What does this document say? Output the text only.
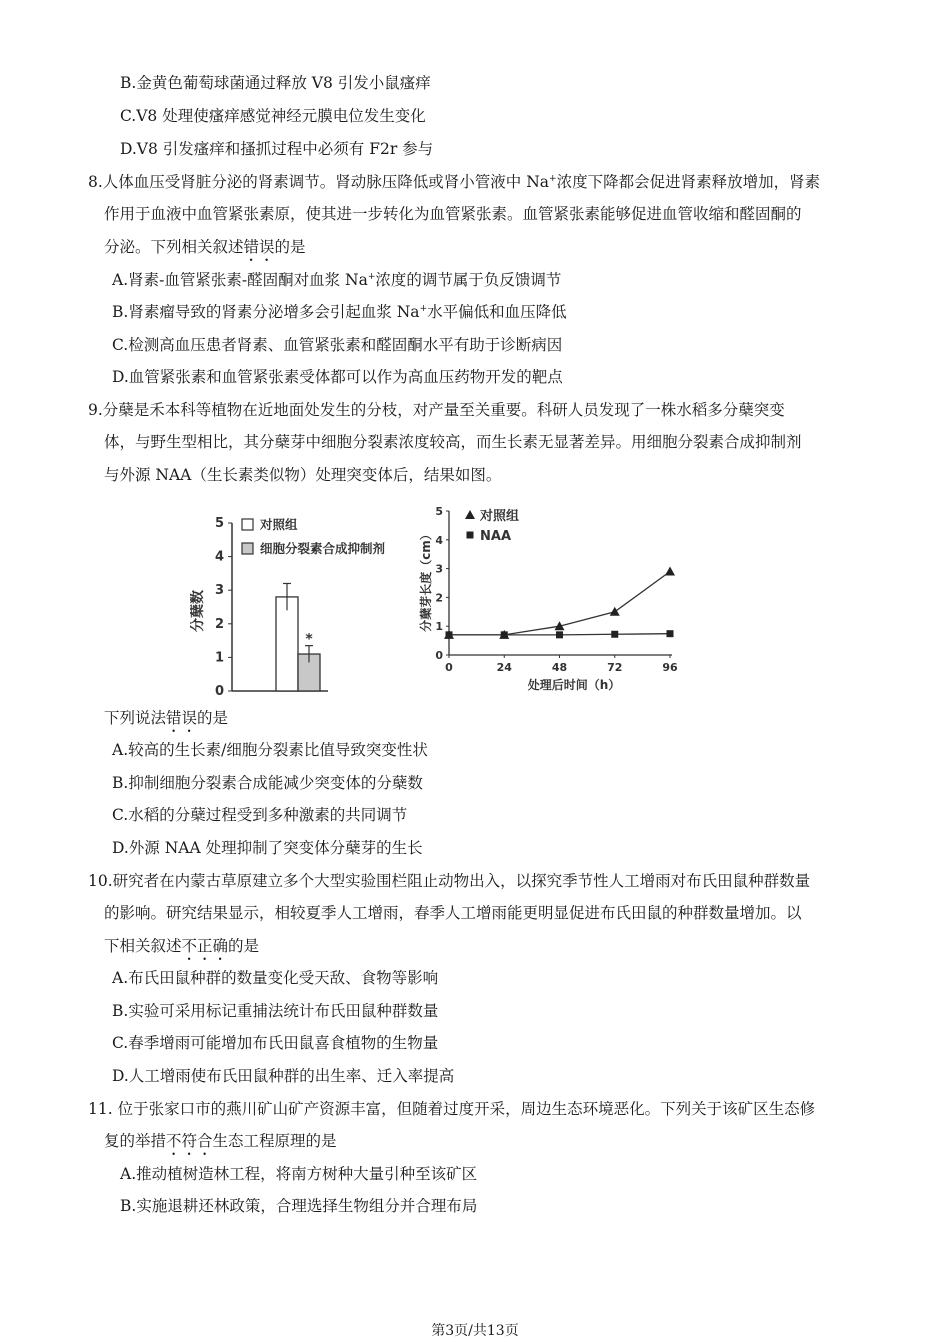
B.金黄色葡萄球菌通过释放 V8 引发小鼠瘙痒
C.V8 处理使瘙痒感觉神经元膜电位发生变化
D.V8 引发瘙痒和搔抓过程中必须有 F2r 参与
8.人体血压受肾脏分泌的肾素调节。肾动脉压降低或肾小管液中 Na+浓度下降都会促进肾素释放增加，肾素
作用于血液中血管紧张素原，使其进一步转化为血管紧张素。血管紧张素能够促进血管收缩和醛固酮的
分泌。下列相关叙述错误的是
A.肾素-血管紧张素-醛固酮对血浆 Na+浓度的调节属于负反馈调节
B.肾素瘤导致的肾素分泌增多会引起血浆 Na+水平偏低和血压降低
C.检测高血压患者肾素、血管紧张素和醛固酮水平有助于诊断病因
D.血管紧张素和血管紧张素受体都可以作为高血压药物开发的靶点
9.分蘖是禾本科等植物在近地面处发生的分枝，对产量至关重要。科研人员发现了一株水稻多分蘖突变
体，与野生型相比，其分蘖芽中细胞分裂素浓度较高，而生长素无显著差异。用细胞分裂素合成抑制剂
与外源 NAA（生长素类似物）处理突变体后，结果如图。
0
1
2
3
4
5
分蘖数
*
对照组
细胞分裂素合成抑制剂
0
1
2
3
4
5
0	24	48	72	96
分蘖芽长度（cm）
处理后时间（h）
对照组
NAA
下列说法错误的是
A.较高的生长素/细胞分裂素比值导致突变性状
B.抑制细胞分裂素合成能减少突变体的分蘖数
C.水稻的分蘖过程受到多种激素的共同调节
D.外源 NAA 处理抑制了突变体分蘖芽的生长
10.研究者在内蒙古草原建立多个大型实验围栏阻止动物出入，以探究季节性人工增雨对布氏田鼠种群数量
的影响。研究结果显示，相较夏季人工增雨，春季人工增雨能更明显促进布氏田鼠的种群数量增加。以
下相关叙述不正确的是
A.布氏田鼠种群的数量变化受天敌、食物等影响
B.实验可采用标记重捕法统计布氏田鼠种群数量
C.春季增雨可能增加布氏田鼠喜食植物的生物量
D.人工增雨使布氏田鼠种群的出生率、迁入率提高
11. 位于张家口市的燕川矿山矿产资源丰富，但随着过度开采，周边生态环境恶化。下列关于该矿区生态修
复的举措不符合生态工程原理的是
A.推动植树造林工程，将南方树种大量引种至该矿区
B.实施退耕还林政策，合理选择生物组分并合理布局
第3页/共13页
